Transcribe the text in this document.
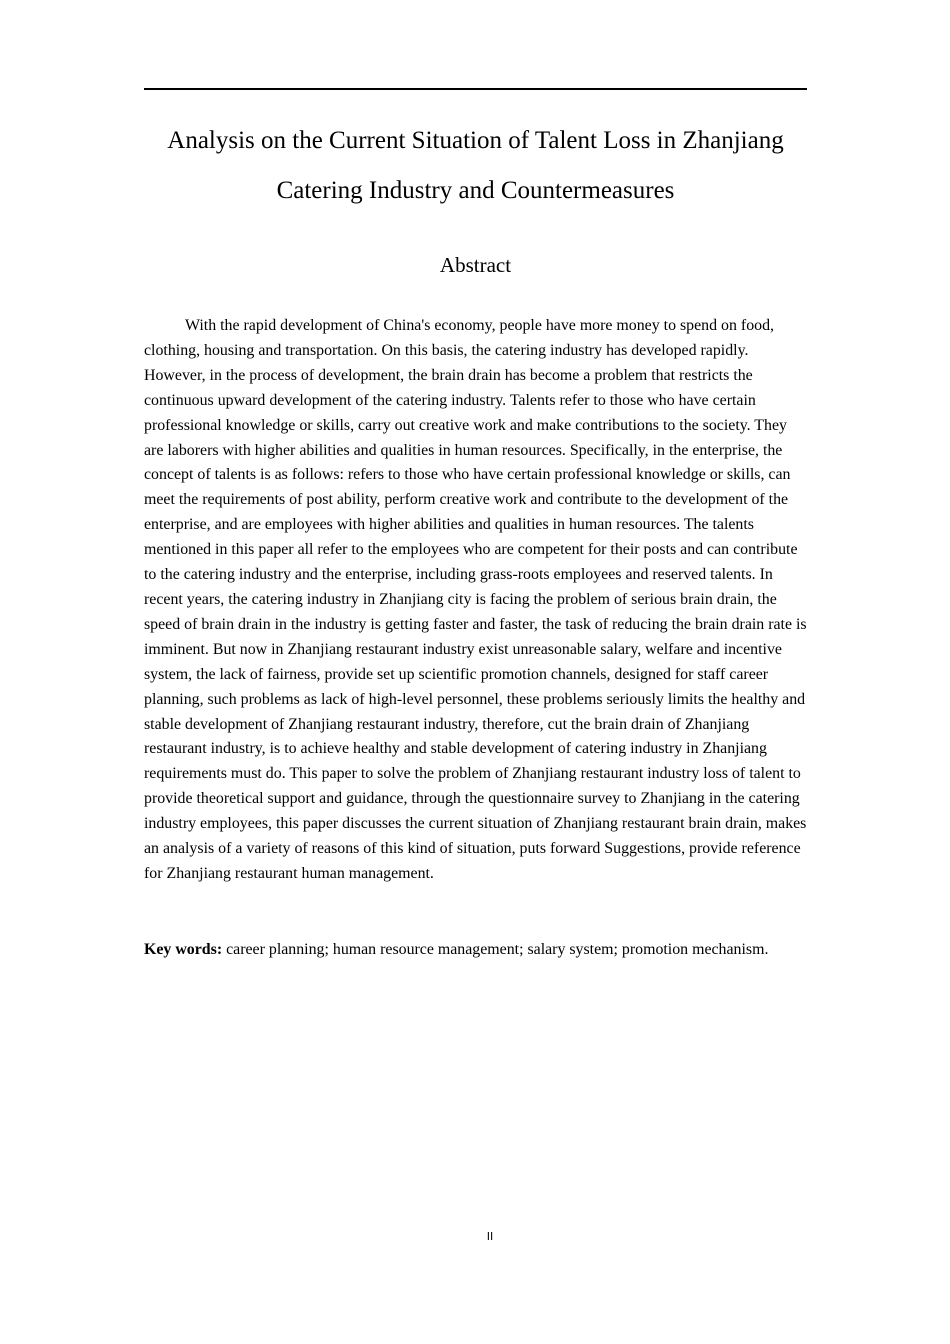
Analysis on the Current Situation of Talent Loss in Zhanjiang Catering Industry and Countermeasures
Abstract

With the rapid development of China's economy, people have more money to spend on food, clothing, housing and transportation. On this basis, the catering industry has developed rapidly. However, in the process of development, the brain drain has become a problem that restricts the continuous upward development of the catering industry. Talents refer to those who have certain professional knowledge or skills, carry out creative work and make contributions to the society. They are laborers with higher abilities and qualities in human resources. Specifically, in the enterprise, the concept of talents is as follows: refers to those who have certain professional knowledge or skills, can meet the requirements of post ability, perform creative work and contribute to the development of the enterprise, and are employees with higher abilities and qualities in human resources. The talents mentioned in this paper all refer to the employees who are competent for their posts and can contribute to the catering industry and the enterprise, including grass-roots employees and reserved talents. In recent years, the catering industry in Zhanjiang city is facing the problem of serious brain drain, the speed of brain drain in the industry is getting faster and faster, the task of reducing the brain drain rate is imminent. But now in Zhanjiang restaurant industry exist unreasonable salary, welfare and incentive system, the lack of fairness, provide set up scientific promotion channels, designed for staff career planning, such problems as lack of high-level personnel, these problems seriously limits the healthy and stable development of Zhanjiang restaurant industry, therefore, cut the brain drain of Zhanjiang restaurant industry, is to achieve healthy and stable development of catering industry in Zhanjiang requirements must do. This paper to solve the problem of Zhanjiang restaurant industry loss of talent to provide theoretical support and guidance, through the questionnaire survey to Zhanjiang in the catering industry employees, this paper discusses the current situation of Zhanjiang restaurant brain drain, makes an analysis of a variety of reasons of this kind of situation, puts forward Suggestions, provide reference for Zhanjiang restaurant human management.

Key words: career planning; human resource management; salary system; promotion mechanism.

II
